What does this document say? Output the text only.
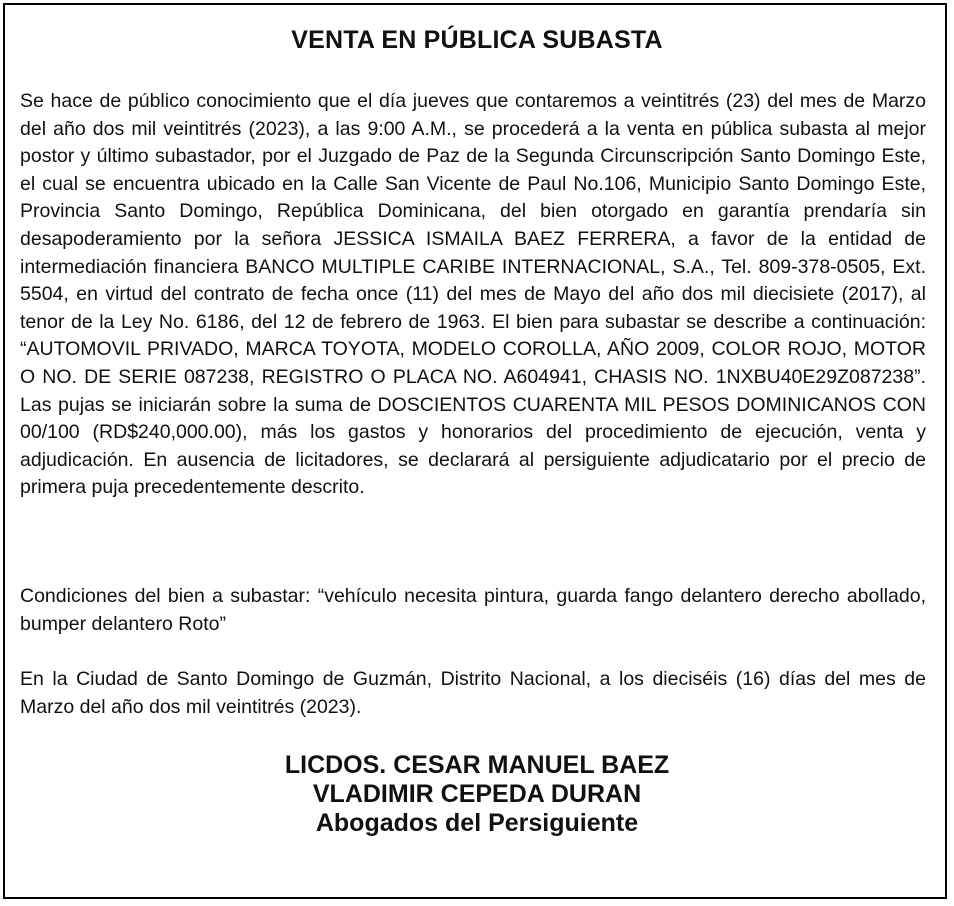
VENTA EN PÚBLICA SUBASTA

Se hace de público conocimiento que el día jueves que contaremos a veintitrés (23) del mes de Marzo del año dos mil veintitrés (2023), a las 9:00 A.M., se procederá a la venta en pública subasta al mejor postor y último subastador, por el Juzgado de Paz de la Segunda Circunscripción Santo Domingo Este, el cual se encuentra ubicado en la Calle San Vicente de Paul No.106, Municipio Santo Domingo Este, Provincia Santo Domingo, República Dominicana, del bien otorgado en garantía prendaría sin desapoderamiento por la señora JESSICA ISMAILA BAEZ FERRERA, a favor de la entidad de intermediación financiera BANCO MULTIPLE CARIBE INTERNACIONAL, S.A., Tel. 809-378-0505, Ext. 5504, en virtud del contrato de fecha once (11) del mes de Mayo del año dos mil diecisiete (2017), al tenor de la Ley No. 6186, del 12 de febrero de 1963. El bien para subastar se describe a continuación: “AUTOMOVIL PRIVADO, MARCA TOYOTA, MODELO COROLLA, AÑO 2009, COLOR ROJO, MOTOR O NO. DE SERIE 087238, REGISTRO O PLACA NO. A604941, CHASIS NO. 1NXBU40E29Z087238”. Las pujas se iniciarán sobre la suma de DOSCIENTOS CUARENTA MIL PESOS DOMINICANOS CON 00/100 (RD$240,000.00), más los gastos y honorarios del procedimiento de ejecución, venta y adjudicación. En ausencia de licitadores, se declarará al persiguiente adjudicatario por el precio de primera puja precedentemente descrito.

Condiciones del bien a subastar: “vehículo necesita pintura, guarda fango delantero derecho abollado, bumper delantero Roto”

En la Ciudad de Santo Domingo de Guzmán, Distrito Nacional, a los dieciséis (16) días del mes de Marzo del año dos mil veintitrés (2023).

LICDOS. CESAR MANUEL BAEZ
VLADIMIR CEPEDA DURAN
Abogados del Persiguiente
